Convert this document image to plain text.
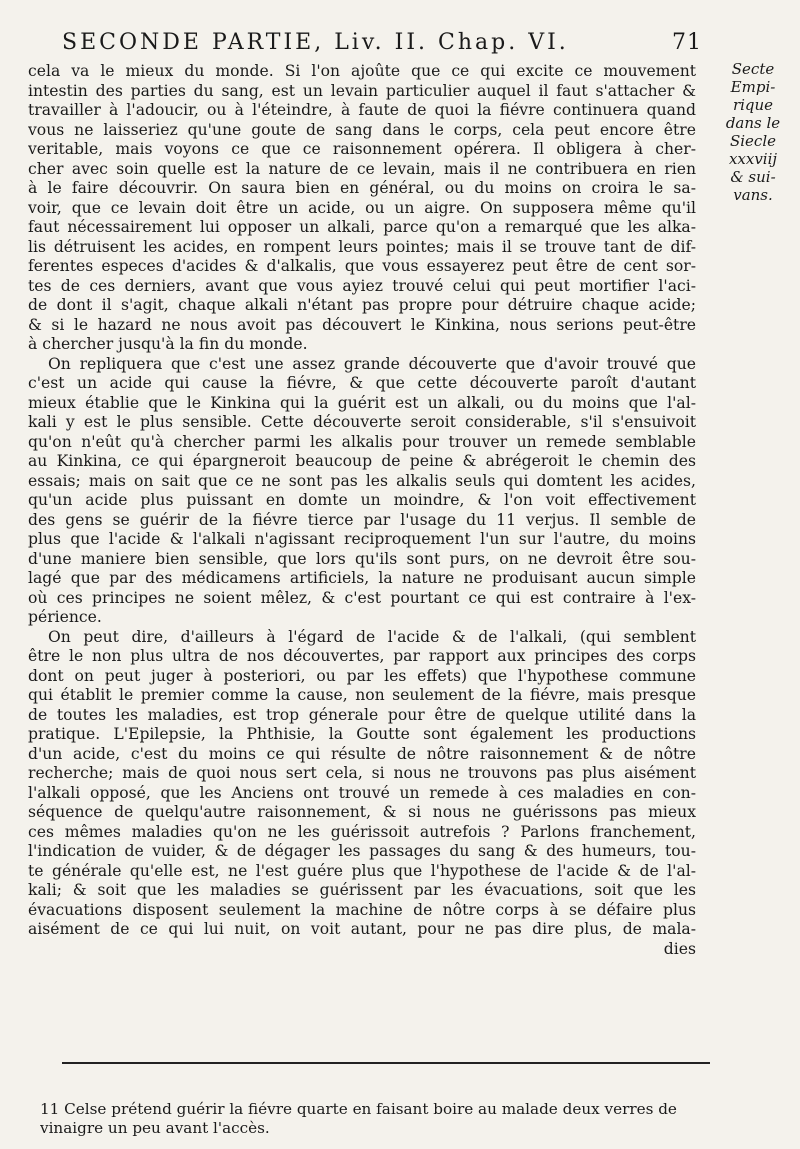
SECONDE PARTIE, Liv. II. Chap. VI.	71
Secte
Empi-
rique
dans le
Siecle
xxxviij
& sui-
vans.
cela va le mieux du monde. Si l'on ajoûte que ce qui excite ce mouvement
intestin des parties du sang, est un levain particulier auquel il faut s'attacher &
travailler à l'adoucir, ou à l'éteindre, à faute de quoi la fiévre continuera quand
vous ne laisseriez qu'une goute de sang dans le corps, cela peut encore être
veritable, mais voyons ce que ce raisonnement opérera. Il obligera à cher-
cher avec soin quelle est la nature de ce levain, mais il ne contribuera en rien
à le faire découvrir. On saura bien en général, ou du moins on croira le sa-
voir, que ce levain doit être un acide, ou un aigre. On supposera même qu'il
faut nécessairement lui opposer un alkali, parce qu'on a remarqué que les alka-
lis détruisent les acides, en rompent leurs pointes; mais il se trouve tant de dif-
ferentes especes d'acides & d'alkalis, que vous essayerez peut être de cent sor-
tes de ces derniers, avant que vous ayiez trouvé celui qui peut mortifier l'aci-
de dont il s'agit, chaque alkali n'étant pas propre pour détruire chaque acide;
& si le hazard ne nous avoit pas découvert le Kinkina, nous serions peut-être
à chercher jusqu'à la fin du monde.
On repliquera que c'est une assez grande découverte que d'avoir trouvé que
c'est un acide qui cause la fiévre, & que cette découverte paroît d'autant
mieux établie que le Kinkina qui la guérit est un alkali, ou du moins que l'al-
kali y est le plus sensible. Cette découverte seroit considerable, s'il s'ensuivoit
qu'on n'eût qu'à chercher parmi les alkalis pour trouver un remede semblable
au Kinkina, ce qui épargneroit beaucoup de peine & abrégeroit le chemin des
essais; mais on sait que ce ne sont pas les alkalis seuls qui domtent les acides,
qu'un acide plus puissant en domte un moindre, & l'on voit effectivement
des gens se guérir de la fiévre tierce par l'usage du 11 verjus. Il semble de
plus que l'acide & l'alkali n'agissant reciproquement l'un sur l'autre, du moins
d'une maniere bien sensible, que lors qu'ils sont purs, on ne devroit être sou-
lagé que par des médicamens artificiels, la nature ne produisant aucun simple
où ces principes ne soient mêlez, & c'est pourtant ce qui est contraire à l'ex-
périence.
On peut dire, d'ailleurs à l'égard de l'acide & de l'alkali, (qui semblent
être le non plus ultra de nos découvertes, par rapport aux principes des corps
dont on peut juger à posteriori, ou par les effets) que l'hypothese commune
qui établit le premier comme la cause, non seulement de la fiévre, mais presque
de toutes les maladies, est trop génerale pour être de quelque utilité dans la
pratique. L'Epilepsie, la Phthisie, la Goutte sont également les productions
d'un acide, c'est du moins ce qui résulte de nôtre raisonnement & de nôtre
recherche; mais de quoi nous sert cela, si nous ne trouvons pas plus aisément
l'alkali opposé, que les Anciens ont trouvé un remede à ces maladies en con-
séquence de quelqu'autre raisonnement, & si nous ne guérissons pas mieux
ces mêmes maladies qu'on ne les guérissoit autrefois ? Parlons franchement,
l'indication de vuider, & de dégager les passages du sang & des humeurs, tou-
te générale qu'elle est, ne l'est guére plus que l'hypothese de l'acide & de l'al-
kali; & soit que les maladies se guérissent par les évacuations, soit que les
évacuations disposent seulement la machine de nôtre corps à se défaire plus
aisément de ce qui lui nuit, on voit autant, pour ne pas dire plus, de mala-
dies
11 Celse prétend guérir la fiévre quarte en faisant boire au malade deux verres de
vinaigre un peu avant l'accès.
